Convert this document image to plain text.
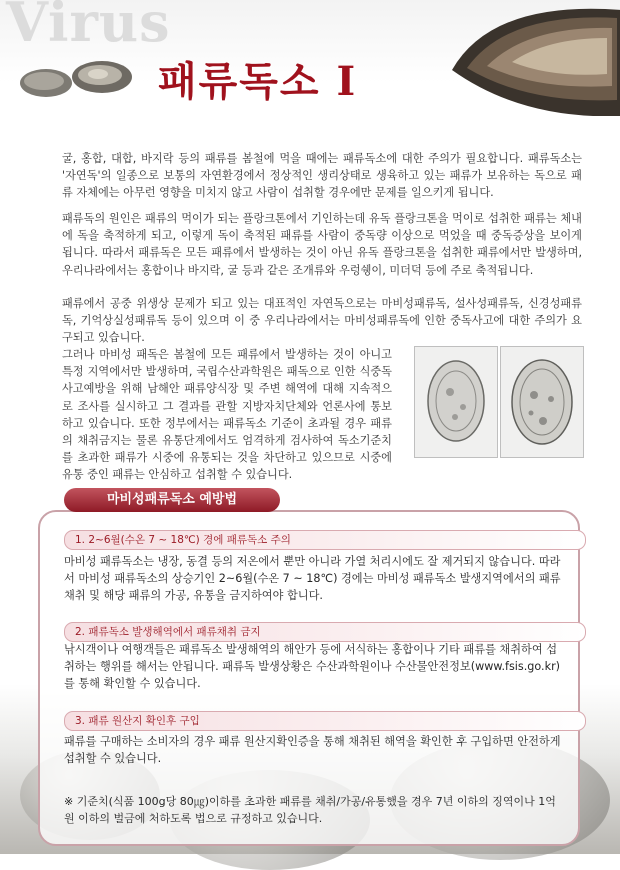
Virus
패류독소 I

굴, 홍합, 대합, 바지락 등의 패류를 봄철에 먹을 때에는 패류독소에 대한 주의가 필요합니다. 패류독소는 '자연독'의 일종으로 보통의 자연환경에서 정상적인 생리상태로 생육하고 있는 패류가 보유하는 독으로 패류 자체에는 아무런 영향을 미치지 않고 사람이 섭취할 경우에만 문제를 일으키게 됩니다.

패류독의 원인은 패류의 먹이가 되는 플랑크톤에서 기인하는데 유독 플랑크톤을 먹이로 섭취한 패류는 체내에 독을 축적하게 되고, 이렇게 독이 축적된 패류를 사람이 중독량 이상으로 먹었을 때 중독증상을 보이게 됩니다. 따라서 패류독은 모든 패류에서 발생하는 것이 아닌 유독 플랑크톤을 섭취한 패류에서만 발생하며, 우리나라에서는 홍합이나 바지락, 굴 등과 같은 조개류와 우렁쉥이, 미더덕 등에 주로 축적됩니다.

패류에서 공중 위생상 문제가 되고 있는 대표적인 자연독으로는 마비성패류독, 설사성패류독, 신경성패류독, 기억상실성패류독 등이 있으며 이 중 우리나라에서는 마비성패류독에 인한 중독사고에 대한 주의가 요구되고 있습니다.

그러나 마비성 패독은 봄철에 모든 패류에서 발생하는 것이 아니고 특정 지역에서만 발생하며, 국립수산과학원은 패독으로 인한 식중독 사고예방을 위해 남해안 패류양식장 및 주변 해역에 대해 지속적으로 조사를 실시하고 그 결과를 관할 지방자치단체와 언론사에 통보하고 있습니다. 또한 정부에서는 패류독소 기준이 초과될 경우 패류의 채취금지는 물론 유통단계에서도 엄격하게 검사하여 독소기준치를 초과한 패류가 시중에 유통되는 것을 차단하고 있으므로 시중에 유통 중인 패류는 안심하고 섭취할 수 있습니다.

마비성패류독소 예방법
1. 2~6월(수온 7 ~ 18℃) 경에 패류독소 주의

마비성 패류독소는 냉장, 동결 등의 저온에서 뿐만 아니라 가열 처리시에도 잘 제거되지 않습니다. 따라서 마비성 패류독소의 상승기인 2~6월(수온 7 ~ 18℃) 경에는 마비성 패류독소 발생지역에서의 패류 채취 및 해당 패류의 가공, 유통을 금지하여야 합니다.

2. 패류독소 발생해역에서 패류채취 금지

낚시객이나 여행객들은 패류독소 발생해역의 해안가 등에 서식하는 홍합이나 기타 패류를 채취하여 섭취하는 행위를 해서는 안됩니다. 패류독 발생상황은 수산과학원이나 수산물안전정보(www.fsis.go.kr)를 통해 확인할 수 있습니다.

3. 패류 원산지 확인후 구입

패류를 구매하는 소비자의 경우 패류 원산지확인증을 통해 채취된 해역을 확인한 후 구입하면 안전하게 섭취할 수 있습니다.

※ 기준치(식품 100g당 80㎍)이하를 초과한 패류를 채취/가공/유통했을 경우 7년 이하의 징역이나 1억원 이하의 벌금에 처하도록 법으로 규정하고 있습니다.
